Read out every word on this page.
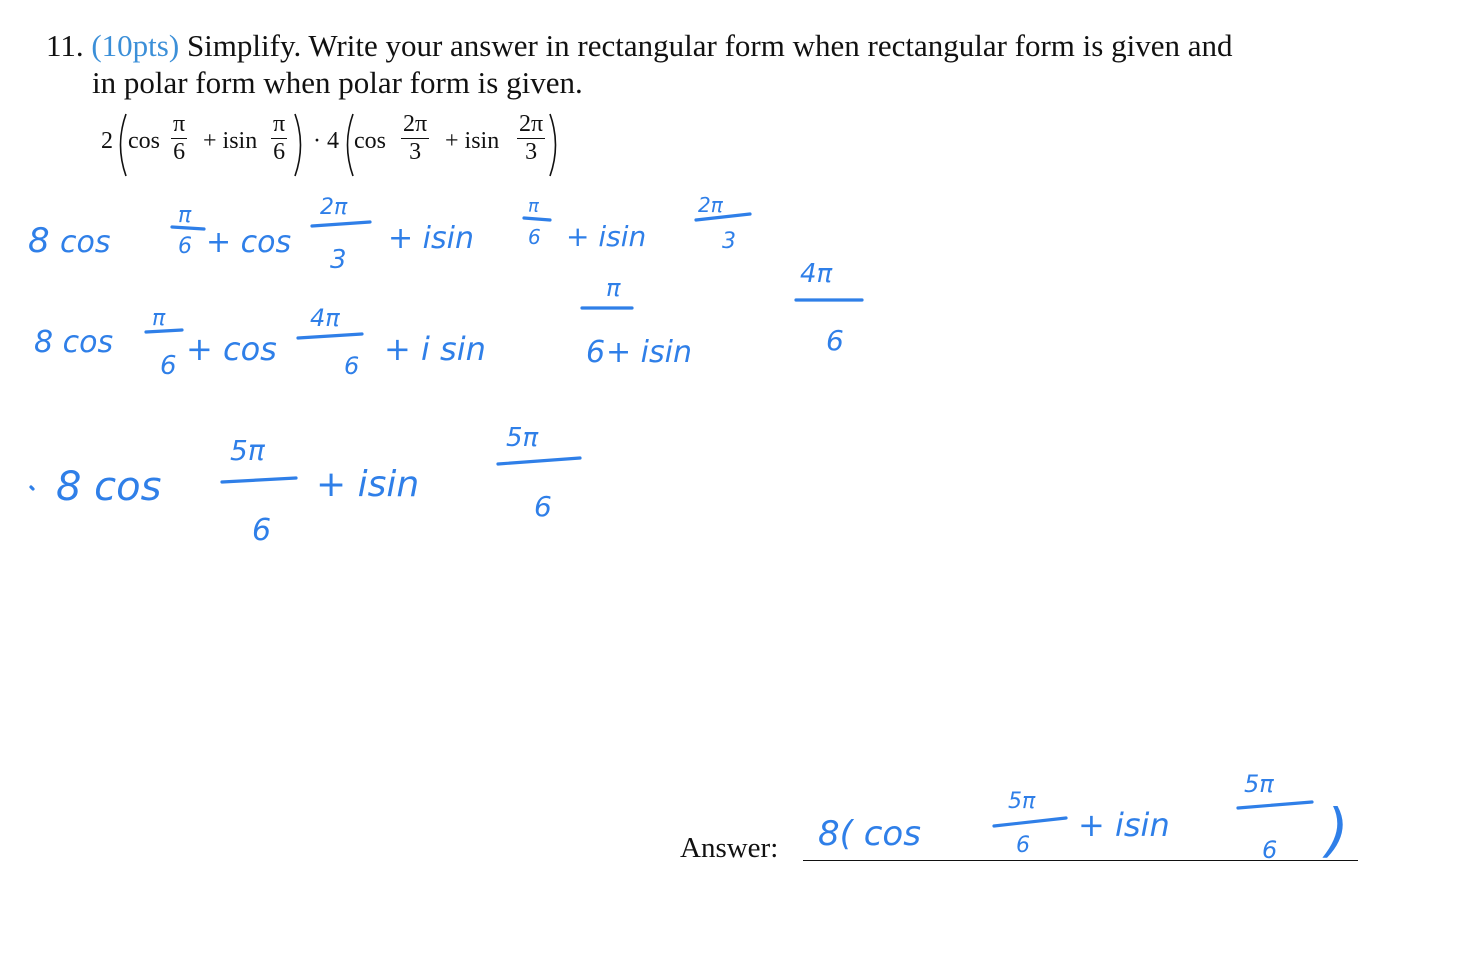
11. (10pts) Simplify. Write your answer in rectangular form when rectangular form is given and
in polar form when polar form is given.
2 cos
π
6 + isin
π
6 · 4 cos
2π
3 + isin
2π
3
8 cos
π
6 + cos
2π
3
+ isin
π
6 + isin
2π
3
8 cos
π
6 + cos
4π
6 + i sin
π
6 + isin
4π
6
8 cos
5π
6
+ isin
5π
6
8( cos
5π
6
+ isin
5π
6 )
Answer:
